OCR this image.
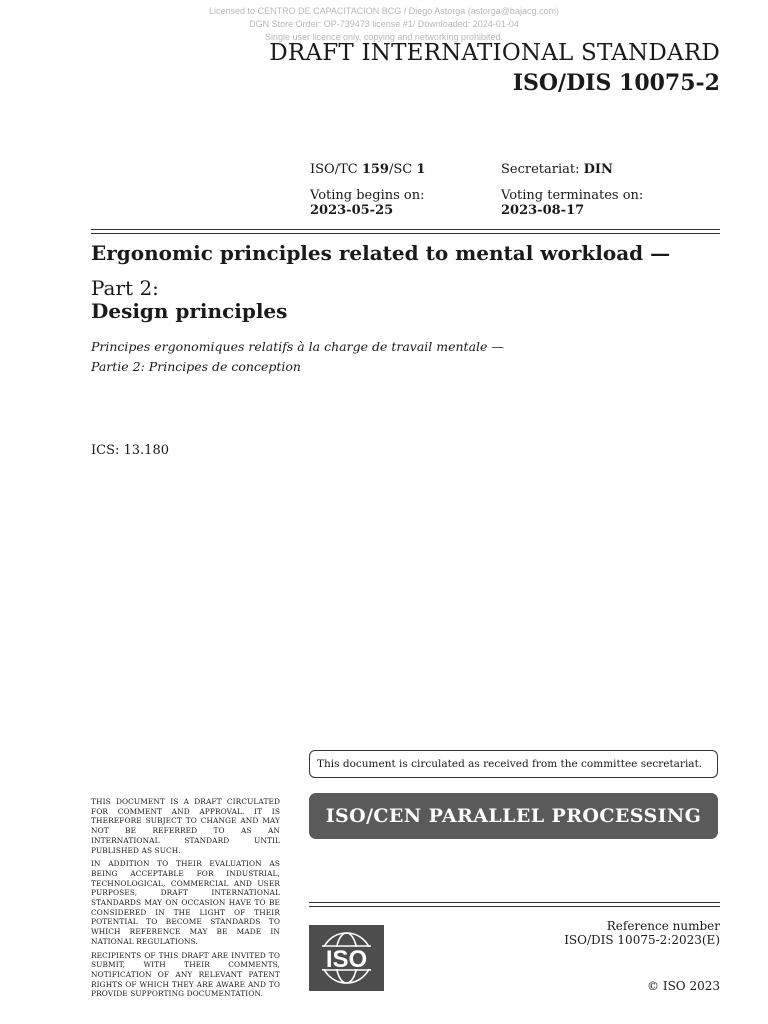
Licensed to CENTRO DE CAPACITACION BCG / Diego Astorga (astorga@bajacg.com)
DGN Store Order: OP-739473 license #1/ Downloaded: 2024-01-04
Single user licence only, copying and networking prohibited.
DRAFT INTERNATIONAL STANDARD
ISO/DIS 10075-2
ISO/TC 159/SC 1	Secretariat: DIN
Voting begins on:
2023-05-25
Voting terminates on:
2023-08-17
Ergonomic principles related to mental workload —
Part 2:
Design principles
Principes ergonomiques relatifs à la charge de travail mentale —
Partie 2: Principes de conception
ICS: 13.180
This document is circulated as received from the committee secretariat.
ISO/CEN PARALLEL PROCESSING

THIS DOCUMENT IS A DRAFT CIRCULATED FOR COMMENT AND APPROVAL. IT IS THEREFORE SUBJECT TO CHANGE AND MAY NOT BE REFERRED TO AS AN INTERNATIONAL STANDARD UNTIL PUBLISHED AS SUCH.

IN ADDITION TO THEIR EVALUATION AS BEING ACCEPTABLE FOR INDUSTRIAL, TECHNOLOGICAL, COMMERCIAL AND USER PURPOSES, DRAFT INTERNATIONAL STANDARDS MAY ON OCCASION HAVE TO BE CONSIDERED IN THE LIGHT OF THEIR POTENTIAL TO BECOME STANDARDS TO WHICH REFERENCE MAY BE MADE IN NATIONAL REGULATIONS.

RECIPIENTS OF THIS DRAFT ARE INVITED TO SUBMIT, WITH THEIR COMMENTS, NOTIFICATION OF ANY RELEVANT PATENT RIGHTS OF WHICH THEY ARE AWARE AND TO PROVIDE SUPPORTING DOCUMENTATION.

ISO
Reference number
ISO/DIS 10075-2:2023(E)
© ISO 2023
